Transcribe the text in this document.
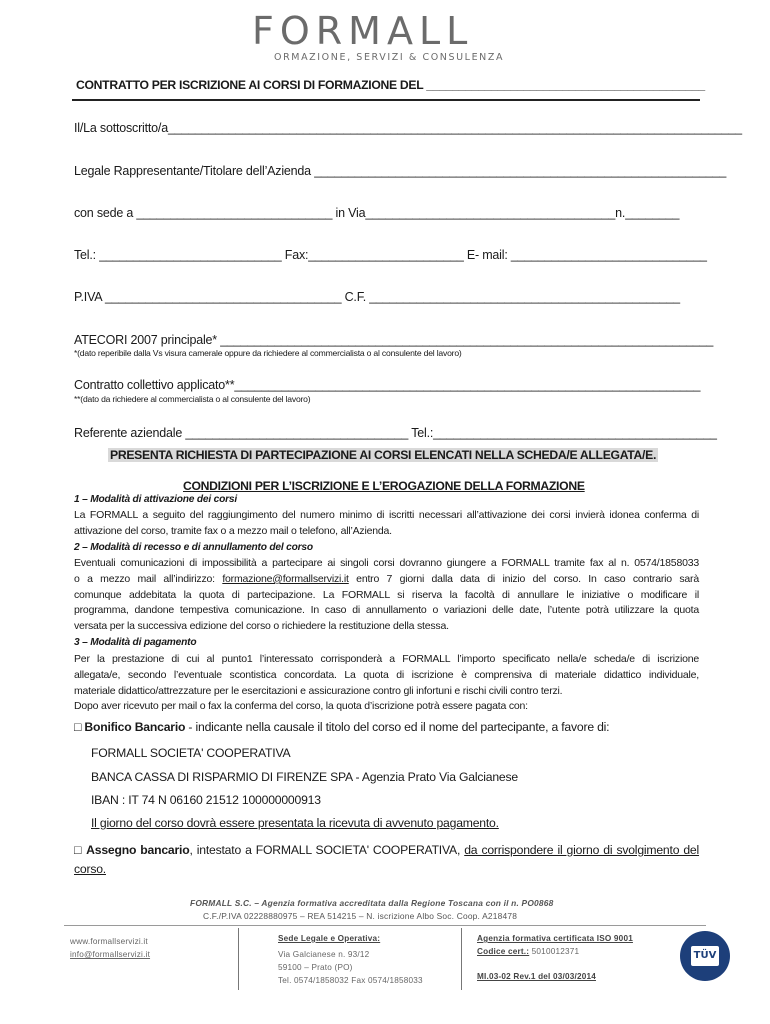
FORMALL
ORMAZIONE, SERVIZI & CONSULENZA
CONTRATTO PER ISCRIZIONE AI CORSI DI FORMAZIONE DEL ___________________________________________
Il/La sottoscritto/a_____________________________________________________________________________________
Legale Rappresentante/Titolare dell’Azienda _____________________________________________________________
con sede a _____________________________ in Via_____________________________________n.________
Tel.: ___________________________ Fax:_______________________ E- mail: _____________________________
P.IVA ___________________________________ C.F. ______________________________________________
ATECORI 2007 principale* _________________________________________________________________________
*(dato reperibile dalla Vs visura camerale oppure da richiedere al commercialista o al consulente del lavoro)
Contratto collettivo applicato**_____________________________________________________________________
**(dato da richiedere al commercialista o al consulente del lavoro)
Referente aziendale _________________________________ Tel.:__________________________________________
PRESENTA RICHIESTA DI PARTECIPAZIONE AI CORSI ELENCATI NELLA SCHEDA/E ALLEGATA/E.
CONDIZIONI PER L’ISCRIZIONE E L’EROGAZIONE DELLA FORMAZIONE
1 – Modalità di attivazione dei corsi
La FORMALL a seguito del raggiungimento del numero minimo di iscritti necessari all’attivazione dei corsi invierà idonea conferma di
attivazione del corso, tramite fax o a mezzo mail o telefono, all’Azienda.
2 – Modalità di recesso e di annullamento del corso
Eventuali comunicazioni di impossibilità a partecipare ai singoli corsi dovranno giungere a FORMALL tramite fax al n. 0574/1858033
o a mezzo mail all’indirizzo: formazione@formallservizi.it entro 7 giorni dalla data di inizio del corso. In caso contrario sarà
comunque addebitata la quota di partecipazione. La FORMALL si riserva la facoltà di annullare le iniziative o modificare il
programma, dandone tempestiva comunicazione. In caso di annullamento o variazioni delle date, l’utente potrà utilizzare la quota
versata per la successiva edizione del corso o richiedere la restituzione della stessa.
3 – Modalità di pagamento
Per la prestazione di cui al punto1 l’interessato corrisponderà a FORMALL l’importo specificato nella/e scheda/e di iscrizione
allegata/e, secondo l’eventuale scontistica concordata. La quota di iscrizione è comprensiva di materiale didattico individuale,
materiale didattico/attrezzature per le esercitazioni e assicurazione contro gli infortuni e rischi civili contro terzi.
Dopo aver ricevuto per mail o fax la conferma del corso, la quota d’iscrizione potrà essere pagata con:
□ Bonifico Bancario - indicante nella causale il titolo del corso ed il nome del partecipante, a favore di:
FORMALL SOCIETA' COOPERATIVA
BANCA CASSA DI RISPARMIO DI FIRENZE SPA - Agenzia Prato Via Galcianese
IBAN : IT 74 N 06160 21512 100000000913
Il giorno del corso dovrà essere presentata la ricevuta di avvenuto pagamento.
□ Assegno bancario, intestato a FORMALL SOCIETA' COOPERATIVA, da corrispondere il giorno di svolgimento del
corso.
FORMALL S.C. – Agenzia formativa accreditata dalla Regione Toscana con il n. PO0868
C.F./P.IVA 02228880975 – REA 514215 – N. iscrizione Albo Soc. Coop. A218478
www.formallservizi.it
info@formallservizi.it
Sede Legale e Operativa:
Via Galcianese n. 93/12
59100 – Prato (PO)
Tel. 0574/1858032 Fax 0574/1858033
Agenzia formativa certificata ISO 9001
Codice cert.: 5010012371
MI.03-02 Rev.1 del 03/03/2014
TÜV
